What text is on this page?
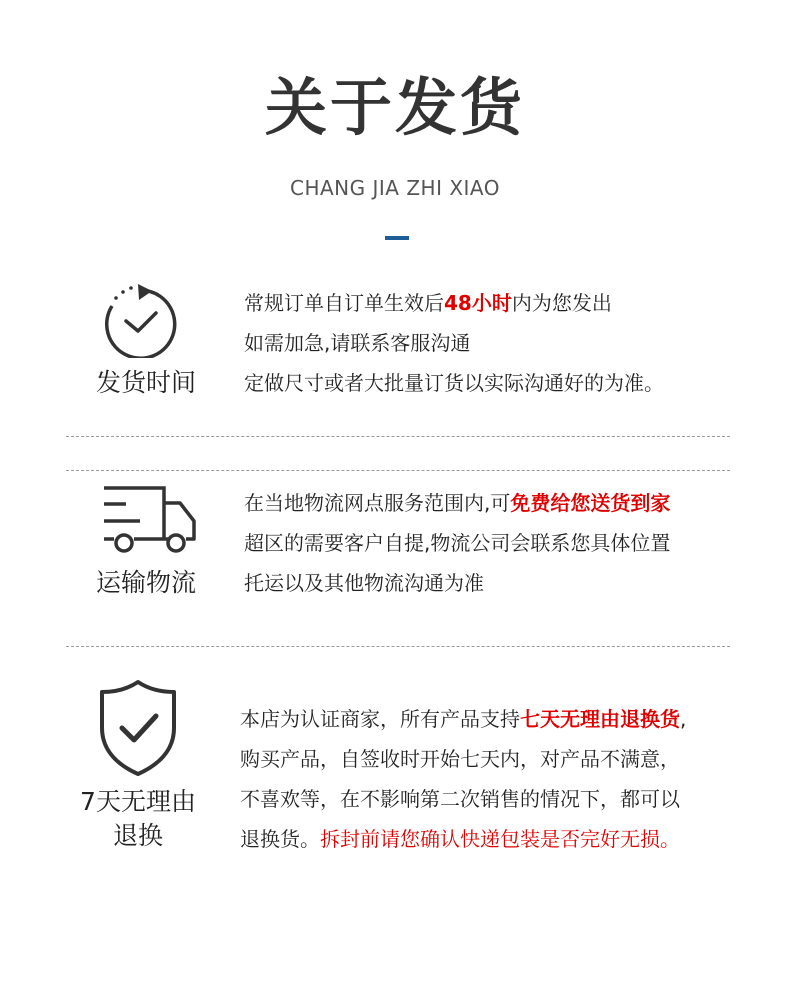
关于发货
CHANG JIA ZHI XIAO
发货时间
常规订单自订单生效后48小时内为您发出
如需加急,请联系客服沟通
定做尺寸或者大批量订货以实际沟通好的为准。
运输物流
在当地物流网点服务范围内,可免费给您送货到家
超区的需要客户自提,物流公司会联系您具体位置
托运以及其他物流沟通为准
7天无理由
退换
本店为认证商家，所有产品支持七天无理由退换货,
购买产品，自签收时开始七天内，对产品不满意，
不喜欢等，在不影响第二次销售的情况下，都可以
退换货。拆封前请您确认快递包装是否完好无损。
